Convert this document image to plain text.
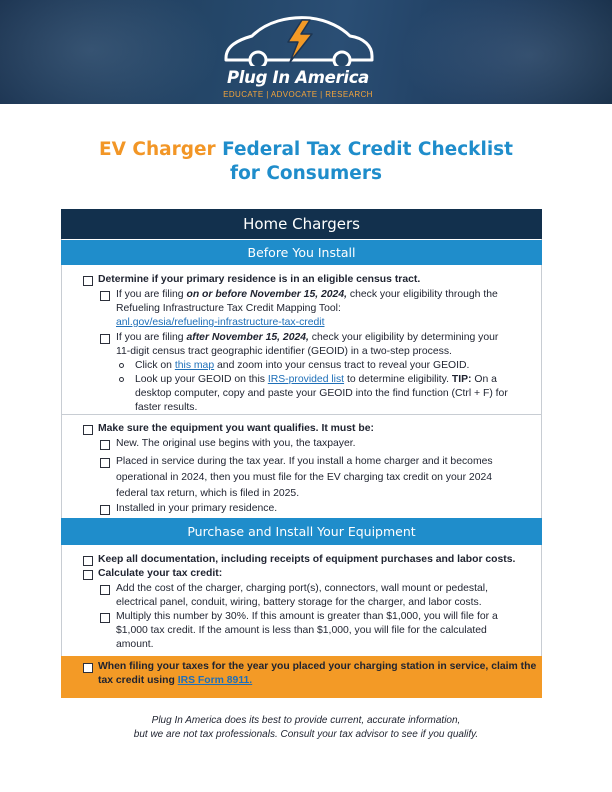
Plug In America
EDUCATE | ADVOCATE | RESEARCH
EV Charger Federal Tax Credit Checklist
for Consumers
Home Chargers
Before You Install
Determine if your primary residence is in an eligible census tract.
If you are filing on or before November 15, 2024, check your eligibility through the
Refueling Infrastructure Tax Credit Mapping Tool:
anl.gov/esia/refueling-infrastructure-tax-credit
If you are filing after November 15, 2024, check your eligibility by determining your
11-digit census tract geographic identifier (GEOID) in a two-step process.
Click on this map and zoom into your census tract to reveal your GEOID.
Look up your GEOID on this IRS-provided list to determine eligibility. TIP: On a
desktop computer, copy and paste your GEOID into the find function (Ctrl + F) for
faster results.
Make sure the equipment you want qualifies. It must be:
New. The original use begins with you, the taxpayer.
Placed in service during the tax year. If you install a home charger and it becomes
operational in 2024, then you must file for the EV charging tax credit on your 2024
federal tax return, which is filed in 2025.
Installed in your primary residence.
Purchase and Install Your Equipment
Keep all documentation, including receipts of equipment purchases and labor costs.
Calculate your tax credit:
Add the cost of the charger, charging port(s), connectors, wall mount or pedestal,
electrical panel, conduit, wiring, battery storage for the charger, and labor costs.
Multiply this number by 30%. If this amount is greater than $1,000, you will file for a
$1,000 tax credit. If the amount is less than $1,000, you will file for the calculated
amount.
When filing your taxes for the year you placed your charging station in service, claim the
tax credit using IRS Form 8911.
Plug In America does its best to provide current, accurate information,
but we are not tax professionals. Consult your tax advisor to see if you qualify.
